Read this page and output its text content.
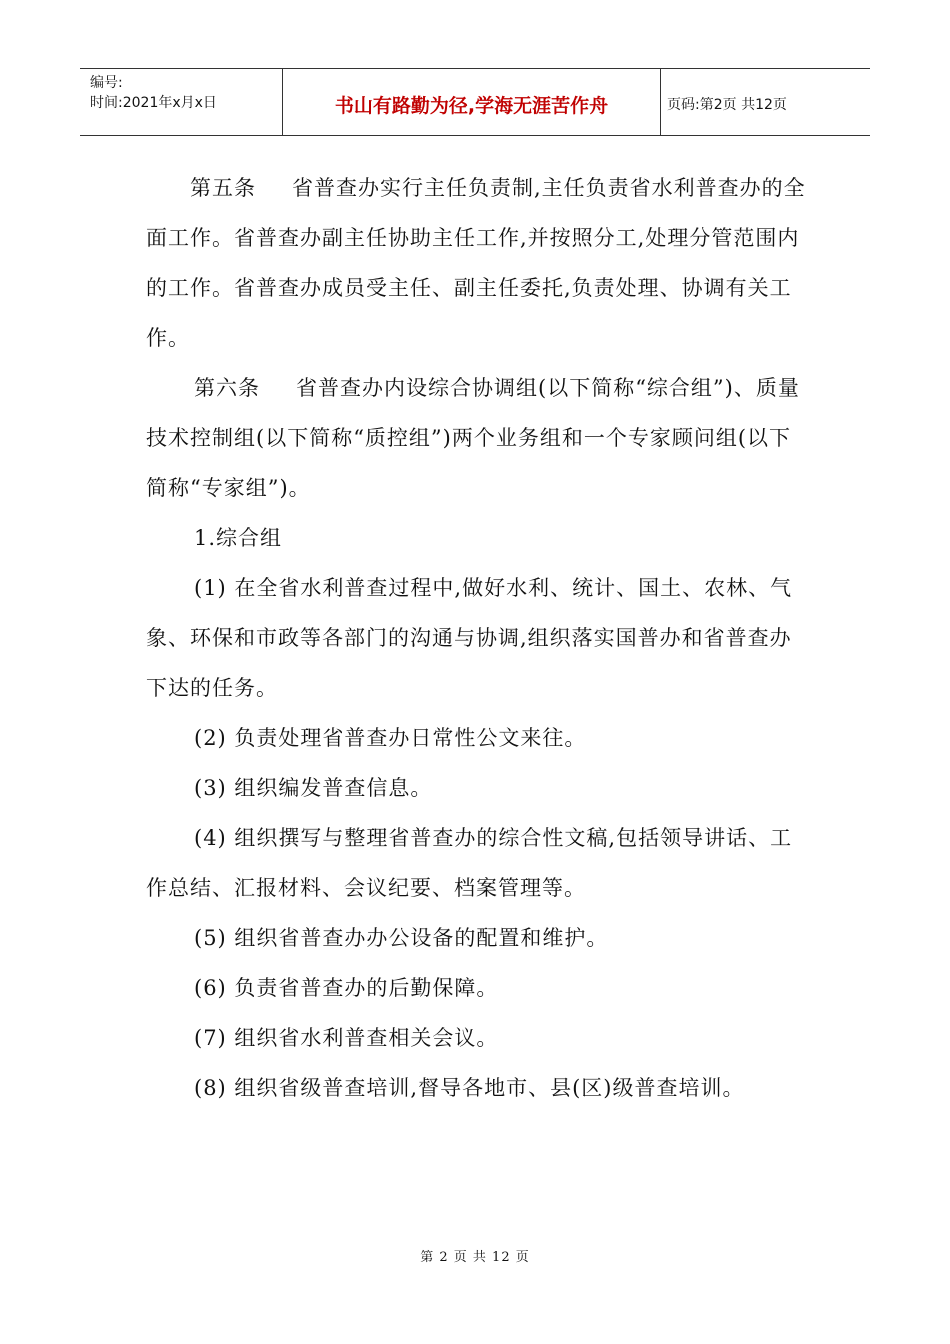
编号:
时间:2021年x月x日	书山有路勤为径,学海无涯苦作舟	页码:第2页 共12页

第五条 省普查办实行主任负责制,主任负责省水利普查办的全面工作。省普查办副主任协助主任工作,并按照分工,处理分管范围内的工作。省普查办成员受主任、副主任委托,负责处理、协调有关工作。

第六条 省普查办内设综合协调组(以下简称“综合组”)、质量技术控制组(以下简称“质控组”)两个业务组和一个专家顾问组(以下简称“专家组”)。

1.综合组

(1) 在全省水利普查过程中,做好水利、统计、国土、农林、气象、环保和市政等各部门的沟通与协调,组织落实国普办和省普查办下达的任务。

(2) 负责处理省普查办日常性公文来往。

(3) 组织编发普查信息。

(4) 组织撰写与整理省普查办的综合性文稿,包括领导讲话、工作总结、汇报材料、会议纪要、档案管理等。

(5) 组织省普查办办公设备的配置和维护。

(6) 负责省普查办的后勤保障。

(7) 组织省水利普查相关会议。

(8) 组织省级普查培训,督导各地市、县(区)级普查培训。

第 2 页 共 12 页
